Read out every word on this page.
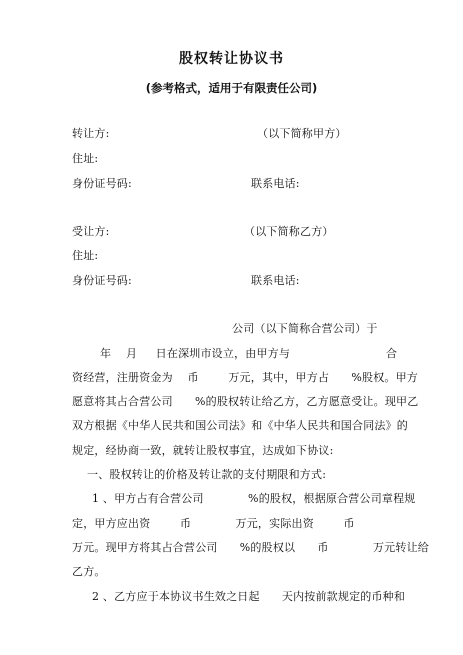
股权转让协议书
(参考格式，适用于有限责任公司)
转让方:	（以下简称甲方）
住址:
身份证号码:	联系电话:
受让方:	（以下简称乙方）
住址:
身份证号码:	联系电话:
公司（以下简称合营公司）于
年    月     日在深圳市设立，由甲方与	合
资经营，注册资金为    币        万元，其中，甲方占      %股权。甲方
愿意将其占合营公司      %的股权转让给乙方，乙方愿意受让。现甲乙
双方根据《中华人民共和国公司法》和《中华人民共和国合同法》的
规定，经协商一致，就转让股权事宜，达成如下协议:
一、股权转让的价格及转让款的支付期限和方式:
1 、甲方占有合营公司            %的股权，根据原合营公司章程规
定，甲方应出资        币            万元，实际出资        币
万元。现甲方将其占合营公司      %的股权以      币            万元转让给
乙方。
2 、乙方应于本协议书生效之日起      天内按前款规定的币种和
